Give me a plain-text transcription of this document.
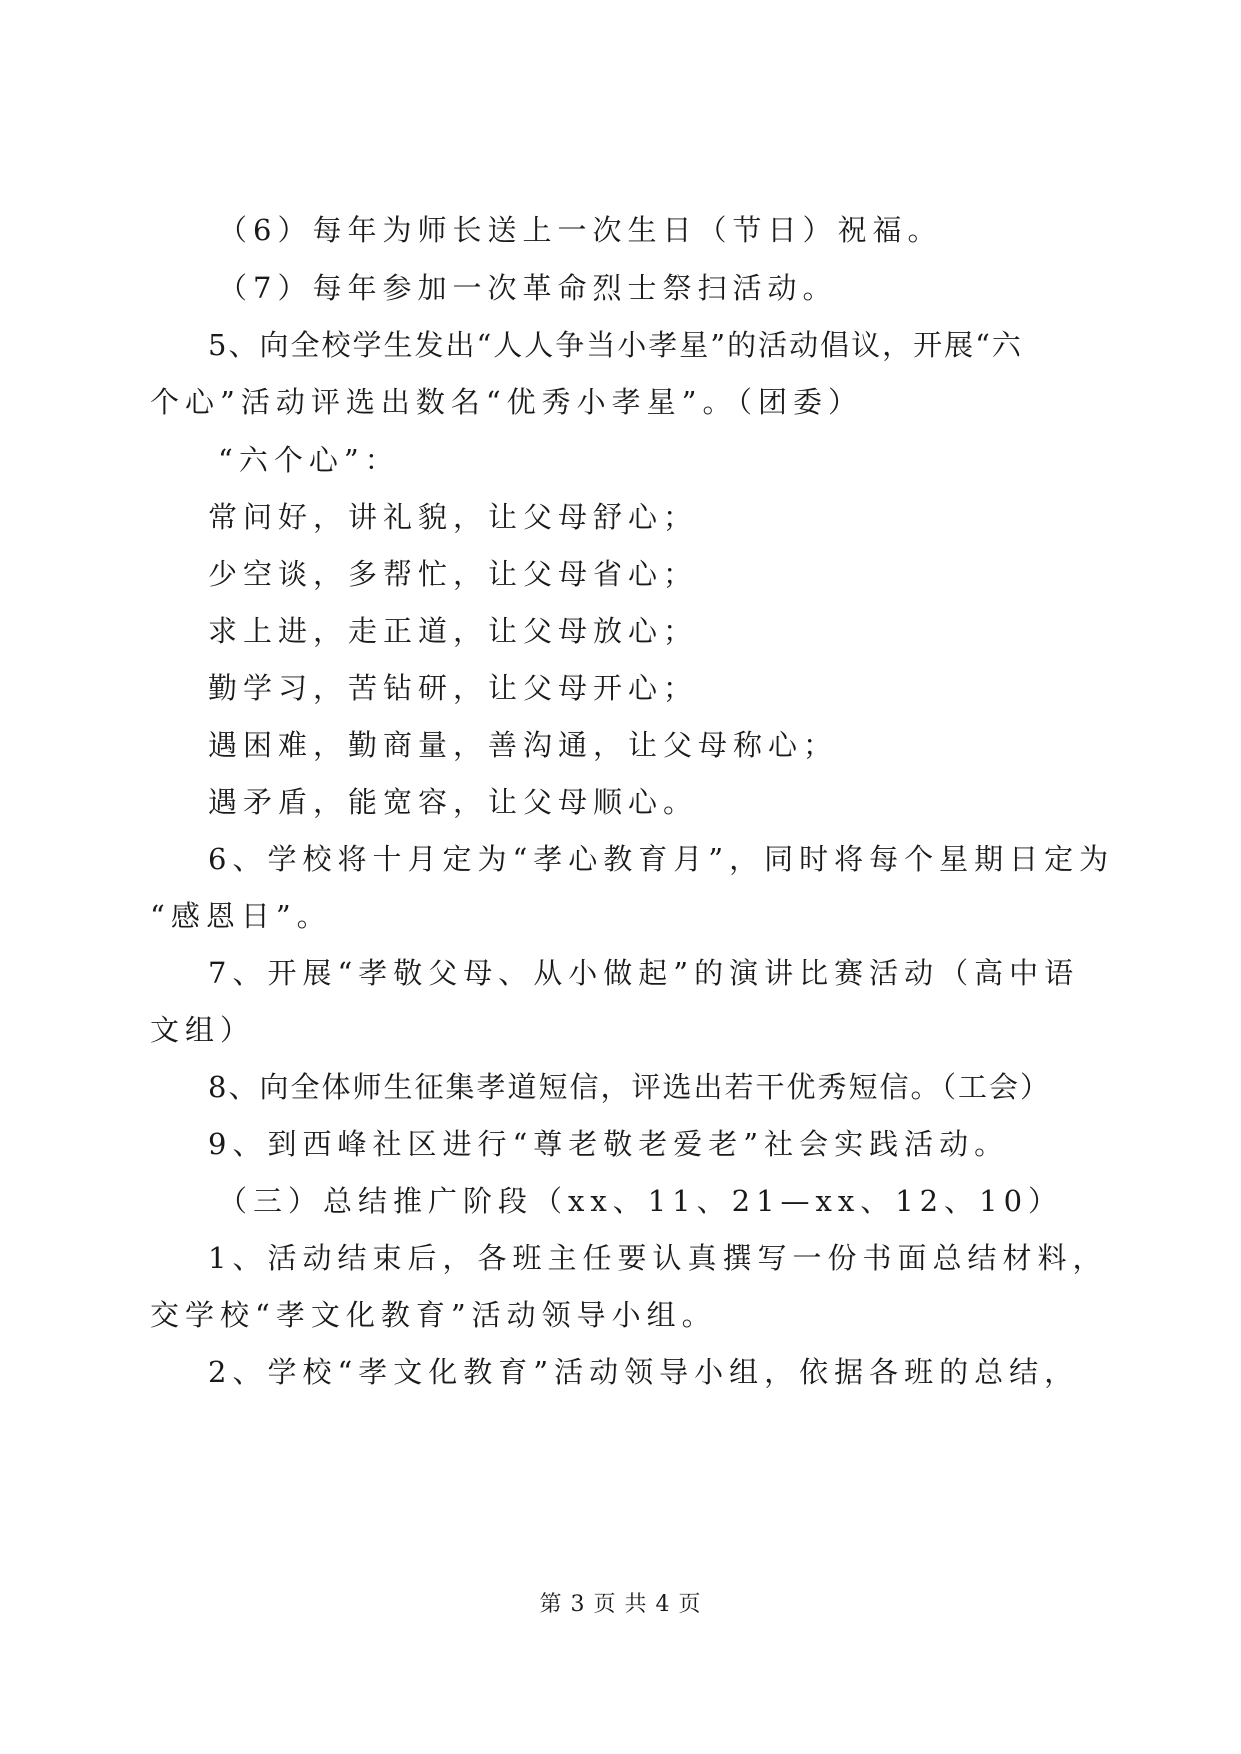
（6）每年为师长送上一次生日（节日）祝福。
（7）每年参加一次革命烈士祭扫活动。
5、向全校学生发出“人人争当小孝星”的活动倡议，开展“六
个心”活动评选出数名“优秀小孝星”。（团委）
“六个心”：
常问好，讲礼貌，让父母舒心；
少空谈，多帮忙，让父母省心；
求上进，走正道，让父母放心；
勤学习，苦钻研，让父母开心；
遇困难，勤商量，善沟通，让父母称心；
遇矛盾，能宽容，让父母顺心。
6、学校将十月定为“孝心教育月”，同时将每个星期日定为
“感恩日”。
7、开展“孝敬父母、从小做起”的演讲比赛活动（高中语
文组）
8、向全体师生征集孝道短信，评选出若干优秀短信。（工会）
9、到西峰社区进行“尊老敬老爱老”社会实践活动。
（三）总结推广阶段（xx、11、21—xx、12、10）
1、活动结束后，各班主任要认真撰写一份书面总结材料，
交学校“孝文化教育”活动领导小组。
2、学校“孝文化教育”活动领导小组，依据各班的总结，
第 3 页 共 4 页
